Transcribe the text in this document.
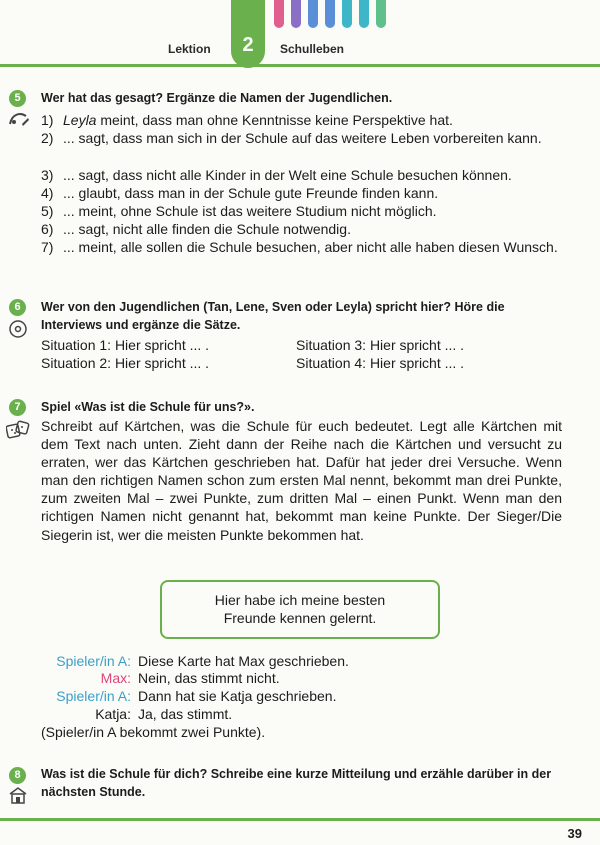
2
Lektion	Schulleben
5	Wer hat das gesagt? Ergänze die Namen der Jugendlichen.
1) Leyla meint, dass man ohne Kenntnisse keine Perspektive hat.
2) ... sagt, dass man sich in der Schule auf das weitere Leben vorbereiten kann.
3) ... sagt, dass nicht alle Kinder in der Welt eine Schule besuchen können.
4) ... glaubt, dass man in der Schule gute Freunde finden kann.
5) ... meint, ohne Schule ist das weitere Studium nicht möglich.
6) ... sagt, nicht alle finden die Schule notwendig.
7) ... meint, alle sollen die Schule besuchen, aber nicht alle haben diesen Wunsch.
6	Wer von den Jugendlichen (Tan, Lene, Sven oder Leyla) spricht hier? Höre die Interviews und ergänze die Sätze.
Situation 1: Hier spricht ... .
Situation 2: Hier spricht ... .
Situation 3: Hier spricht ... .
Situation 4: Hier spricht ... .
7	Spiel «Was ist die Schule für uns?».
Schreibt auf Kärtchen, was die Schule für euch bedeutet. Legt alle Kärtchen mit dem Text nach unten. Zieht dann der Reihe nach die Kärtchen und versucht zu erraten, wer das Kärtchen geschrieben hat. Dafür hat jeder drei Versuche. Wenn man den richtigen Namen schon zum ersten Mal nennt, bekommt man drei Punkte, zum zweiten Mal – zwei Punkte, zum dritten Mal – einen Punkt. Wenn man den richtigen Namen nicht genannt hat, bekommt man keine Punkte. Der Sieger/Die Siegerin ist, wer die meisten Punkte bekommen hat.
Hier habe ich meine besten
Freunde kennen gelernt.
Spieler/in A: Diese Karte hat Max geschrieben.
Max: Nein, das stimmt nicht.
Spieler/in A: Dann hat sie Katja geschrieben.
Katja: Ja, das stimmt.
(Spieler/in A bekommt zwei Punkte).
8	Was ist die Schule für dich? Schreibe eine kurze Mitteilung und erzähle darüber in der nächsten Stunde.
39
